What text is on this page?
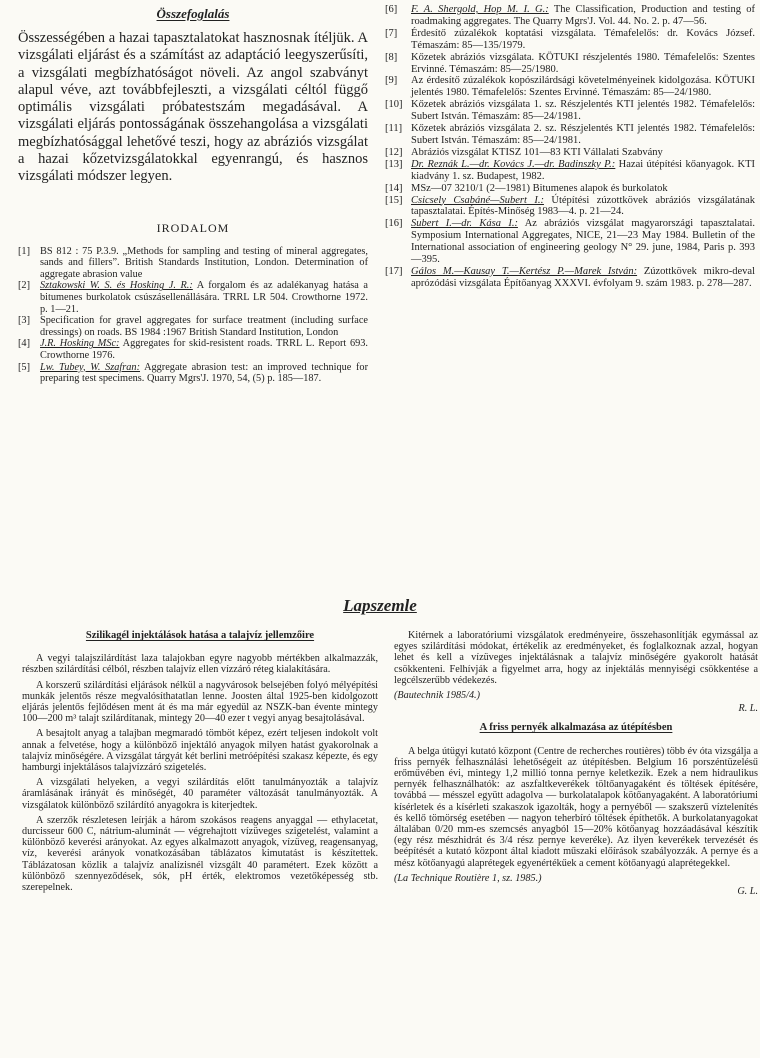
Összefoglalás

Összességében a hazai tapasztalatokat hasznosnak ítéljük. A vizsgálati eljárást és a számítást az adaptáció leegyszerűsíti, a vizsgálati megbízhatóságot növeli. Az angol szabványt alapul véve, azt továbbfejleszti, a vizsgálati céltól függő optimális vizsgálati próbatestszám megadásával. A vizsgálati eljárás pontosságának összehangolása a vizsgálati megbízhatósággal lehetővé teszi, hogy az abráziós vizsgálat a hazai kőzetvizsgálatokkal egyenrangú, és hasznos vizsgálati módszer legyen.

IRODALOM
[1] BS 812 : 75 P.3.9. „Methods for sampling and testing of mineral aggregates, sands and fillers”. British Standards Institution, London. Determination of aggregate abrasion value
[2] Sztakowski W. S. és Hosking J. R.: A forgalom és az adalékanyag hatása a bitumenes burkolatok csúszásellenállására. TRRL LR 504. Crowthorne 1972. p. 1—21.
[3] Specification for gravel aggregates for surface treatment (including surface dressings) on roads. BS 1984 :1967 British Standard Institution, London
[4] J.R. Hosking MSc: Aggregates for skid-resistent roads. TRRL L. Report 693. Crowthorne 1976.
[5] Lw. Tubey, W. Szafran: Aggregate abrasion test: an improved technique for preparing test specimens. Quarry Mgrs'J. 1970, 54, (5) p. 185—187.
[6]	F. A. Shergold, Hop M. I. G.: The Classification, Production and testing of roadmaking aggregates. The Quarry Mgrs'J. Vol. 44. No. 2. p. 47—56.
[7]	Érdesítő zúzalékok koptatási vizsgálata. Témafelelős: dr. Kovács József. Témaszám: 85—135/1979.
[8]	Kőzetek abráziós vizsgálata. KÖTUKI részjelentés 1980. Témafelelős: Szentes Ervinné. Témaszám: 85—25/1980.
[9]	Az érdesítő zúzalékok kopószilárdsági követelményeinek kidolgozása. KÖTUKI jelentés 1980. Témafelelős: Szentes Ervinné. Témaszám: 85—24/1980.
[10] Kőzetek abráziós vizsgálata 1. sz. Részjelentés KTI jelentés 1982. Témafelelős: Subert István. Témaszám: 85—24/1981.
[11] Kőzetek abráziós vizsgálata 2. sz. Részjelentés KTI jelentés 1982. Témafelelős: Subert István. Témaszám: 85—24/1981.
[12] Abráziós vizsgálat KTISZ 101—83 KTI Vállalati Szabvány
[13] Dr. Reznák L.—dr. Kovács J.—dr. Badinszky P.: Hazai útépítési kőanyagok. KTI kiadvány 1. sz. Budapest, 1982.
[14] MSz—07 3210/1 (2—1981) Bitumenes alapok és burkolatok
[15] Csicsely Csabáné—Subert I.: Útépítési zúzottkövek abráziós vizsgálatának tapasztalatai. Építés-Minőség 1983—4. p. 21—24.
[16] Subert I.—dr. Kása I.: Az abráziós vizsgálat magyarországi tapasztalatai. Symposium International Aggregates, NICE, 21—23 May 1984. Bulletin of the International association of engineering geology N° 29. june, 1984, Paris p. 393—395.
[17] Gálos M.—Kausay T.—Kertész P.—Marek István: Zúzottkövek mikro-deval aprózódási vizsgálata Építőanyag XXXVI. évfolyam 9. szám 1983. p. 278—287.
Lapszemle
Szilikagél injektálások hatása a talajvíz jellemzőire

A vegyi talajszilárdítást laza talajokban egyre nagyobb mértékben alkalmazzák, részben szilárdítási célból, részben talajvíz ellen vízzáró réteg kialakítására.

A korszerű szilárdítási eljárások nélkül a nagyvárosok belsejében folyó mélyépítési munkák jelentős része megvalósíthatatlan lenne. Joosten által 1925-ben kidolgozott eljárás jelentős fejlődésen ment át és ma már egyedül az NSZK-ban évente mintegy 100—200 m³ talajt szilárdítanak, mintegy 20—40 ezer t vegyi anyag besajtolásával.

A besajtolt anyag a talajban megmaradó tömböt képez, ezért teljesen indokolt volt annak a felvetése, hogy a különböző injektáló anyagok milyen hatást gyakorolnak a talajvíz minőségére. A vizsgálat tárgyát két berlini metróépítési szakasz képezte, és egy hamburgi injektálásos talajvízzáró szigetelés.

A vizsgálati helyeken, a vegyi szilárdítás előtt tanulmányozták a talajvíz áramlásának irányát és minőségét, 40 paraméter változását tanulmányozták. A vizsgálatok különböző szilárdító anyagokra is kiterjedtek.

A szerzők részletesen leírják a három szokásos reagens anyaggal — ethylacetat, durcisseur 600 C, nátrium-aluminát — végrehajtott vízüveges szigetelést, valamint a különböző keverési arányokat. Az egyes alkalmazott anyagok, vízüveg, reagensanyag, víz, keverési arányok vonatkozásában táblázatos kimutatást is készítettek. Táblázatosan közlik a talajvíz analízisnél vizsgált 40 paramétert. Ezek között a különböző szennyeződések, sók, pH érték, elektromos vezetőképesség stb. szerepelnek.

Kitérnek a laboratóriumi vizsgálatok eredményeire, összehasonlítják egymással az egyes szilárdítási módokat, értékelik az eredményeket, és foglalkoznak azzal, hogyan lehet és kell a vízüveges injektálásnak a talajvíz minőségére gyakorolt hatását csökkenteni. Felhívják a figyelmet arra, hogy az injektálás mennyiségi csökkentése a legcélszerűbb védekezés.

(Bautechnik 1985/4.)

R. L.

A friss pernyék alkalmazása az útépítésben

A belga útügyi kutató központ (Centre de recherches routières) több év óta vizsgálja a friss pernyék felhasználási lehetőségeit az útépítésben. Belgium 16 porszéntüzelésű erőművében évi, mintegy 1,2 millió tonna pernye keletkezik. Ezek a nem hidraulikus pernyék felhasználhatók: az aszfaltkeverékek töltőanyagaként és töltések építésére, továbbá — mésszel együtt adagolva — burkolatalapok kötőanyagaként. A laboratóriumi kísérletek és a kísérleti szakaszok igazolták, hogy a pernyéből — szakszerű víztelenítés és kellő tömörség esetében — nagyon teherbíró töltések építhetők. A burkolatanyagokat általában 0/20 mm-es szemcsés anyagból 15—20% kötőanyag hozzáadásával készítik (egy rész mészhidrát és 3/4 rész pernye keveréke). Az ilyen keverékek tervezését és beépítését a kutató központ által kiadott műszaki előírások szabályozzák. A pernye és a mész kötőanyagú alaprétegek egyenértékűek a cement kötőanyagú alaprétegekkel.

(La Technique Routière 1, sz. 1985.)

G. L.
